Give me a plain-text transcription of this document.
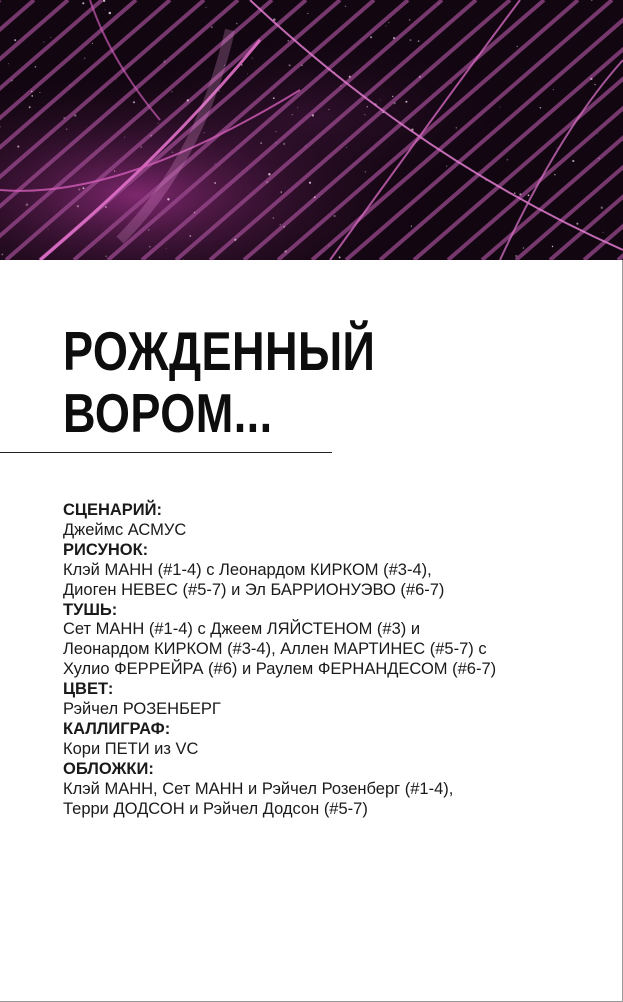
РОЖДЕННЫЙ
ВОРОМ...
СЦЕНАРИЙ:
Джеймс АСМУС
РИСУНОК:
Клэй МАНН (#1-4) с Леонардом КИРКОМ (#3-4),
Диоген НЕВЕС (#5-7) и Эл БАРРИОНУЭВО (#6-7)
ТУШЬ:
Сет МАНН (#1-4) с Джеем ЛЯЙСТЕНОМ (#3) и
Леонардом КИРКОМ (#3-4), Аллен МАРТИНЕС (#5-7) с
Хулио ФЕРРЕЙРА (#6) и Раулем ФЕРНАНДЕСОМ (#6-7)
ЦВЕТ:
Рэйчел РОЗЕНБЕРГ
КАЛЛИГРАФ:
Кори ПЕТИ из VC
ОБЛОЖКИ:
Клэй МАНН, Сет МАНН и Рэйчел Розенберг (#1-4),
Терри ДОДСОН и Рэйчел Додсон (#5-7)
